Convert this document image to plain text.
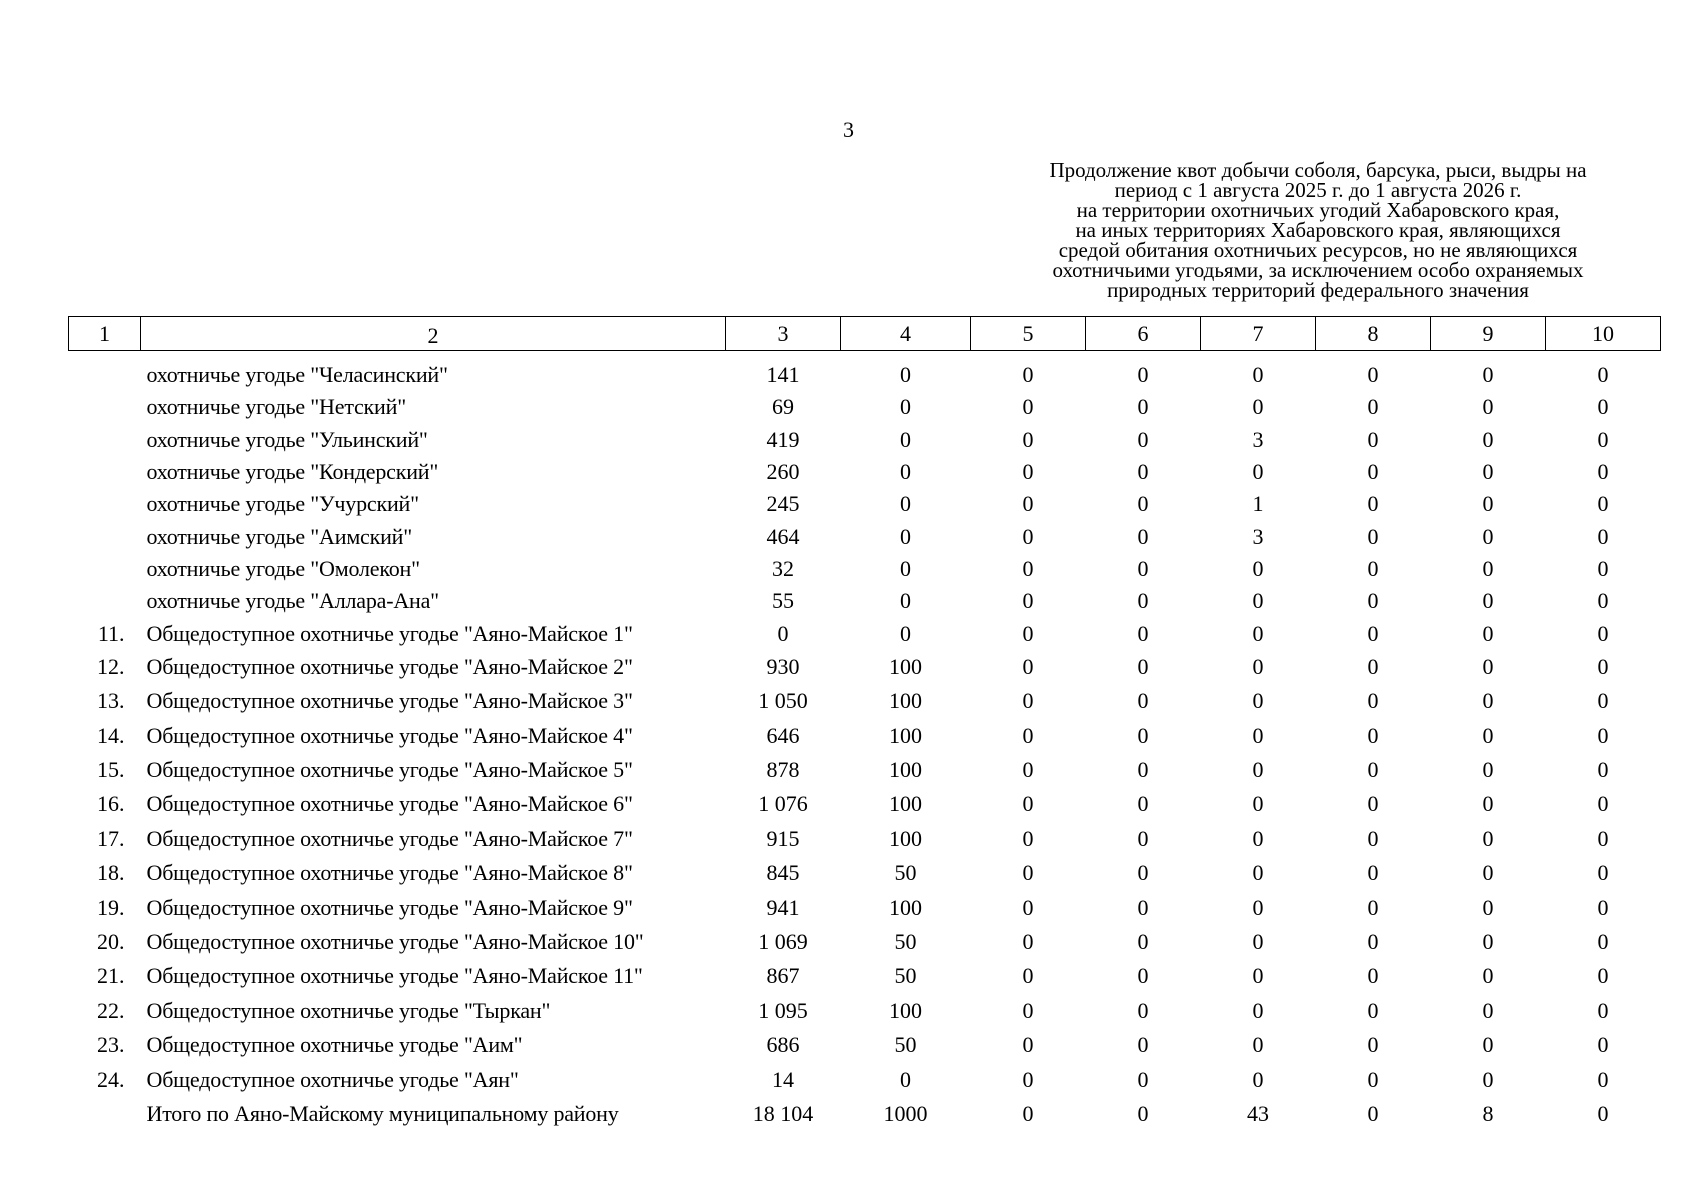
3
Продолжение квот добычи соболя, барсука, рыси, выдры на
период с 1 августа 2025 г. до 1 августа 2026 г.
на территории охотничьих угодий Хабаровского края,
на иных территориях Хабаровского края, являющихся
средой обитания охотничьих ресурсов, но не являющихся
охотничьими угодьями, за исключением особо охраняемых
природных территорий федерального значения
1	2	3	4	5	6	7	8	9	10

	охотничье угодье "Челасинский"	141	0	0	0	0	0	0	0
	охотничье угодье "Нетский"	69	0	0	0	0	0	0	0
	охотничье угодье "Ульинский"	419	0	0	0	3	0	0	0
	охотничье угодье "Кондерский"	260	0	0	0	0	0	0	0
	охотничье угодье "Учурский"	245	0	0	0	1	0	0	0
	охотничье угодье "Аимский"	464	0	0	0	3	0	0	0
	охотничье угодье "Омолекон"	32	0	0	0	0	0	0	0
	охотничье угодье "Аллара-Ана"	55	0	0	0	0	0	0	0
11.	Общедоступное охотничье угодье "Аяно-Майское 1"	0	0	0	0	0	0	0	0
12.	Общедоступное охотничье угодье "Аяно-Майское 2"	930	100	0	0	0	0	0	0
13.	Общедоступное охотничье угодье "Аяно-Майское 3"	1 050	100	0	0	0	0	0	0
14.	Общедоступное охотничье угодье "Аяно-Майское 4"	646	100	0	0	0	0	0	0
15.	Общедоступное охотничье угодье "Аяно-Майское 5"	878	100	0	0	0	0	0	0
16.	Общедоступное охотничье угодье "Аяно-Майское 6"	1 076	100	0	0	0	0	0	0
17.	Общедоступное охотничье угодье "Аяно-Майское 7"	915	100	0	0	0	0	0	0
18.	Общедоступное охотничье угодье "Аяно-Майское 8"	845	50	0	0	0	0	0	0
19.	Общедоступное охотничье угодье "Аяно-Майское 9"	941	100	0	0	0	0	0	0
20.	Общедоступное охотничье угодье "Аяно-Майское 10"	1 069	50	0	0	0	0	0	0
21.	Общедоступное охотничье угодье "Аяно-Майское 11"	867	50	0	0	0	0	0	0
22.	Общедоступное охотничье угодье "Тыркан"	1 095	100	0	0	0	0	0	0
23.	Общедоступное охотничье угодье "Аим"	686	50	0	0	0	0	0	0
24.	Общедоступное охотничье угодье "Аян"	14	0	0	0	0	0	0	0
	Итого по Аяно-Майскому муниципальному району	18 104	1000	0	0	43	0	8	0
